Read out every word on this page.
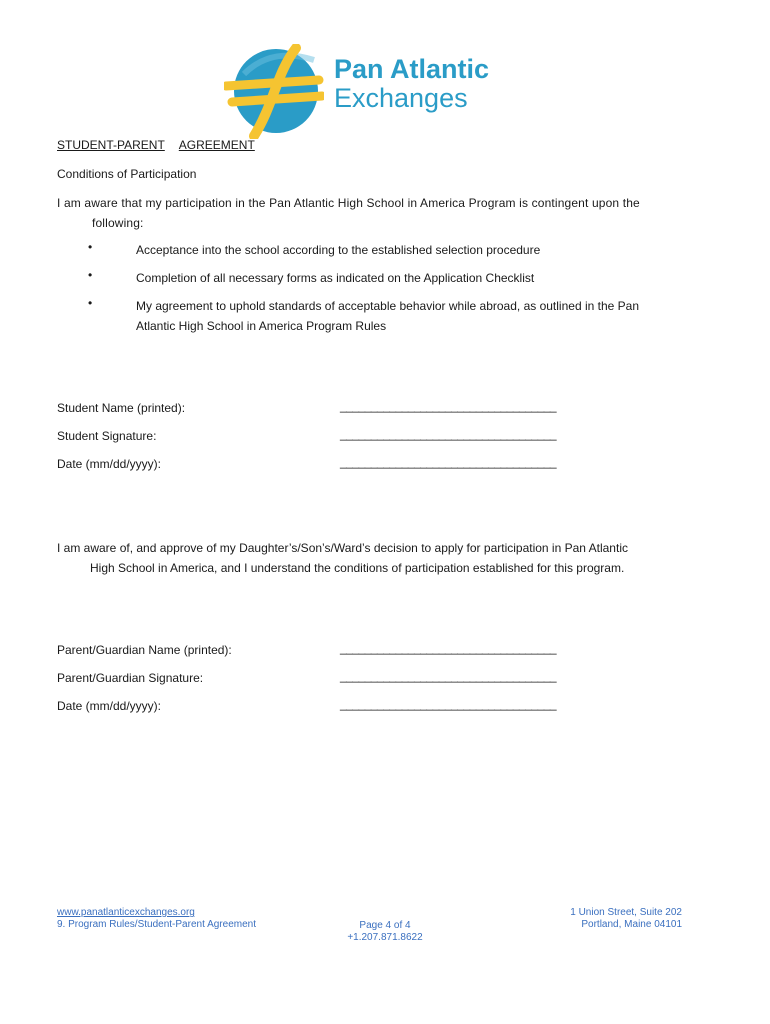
Pan Atlantic
Exchanges
STUDENT-PARENT AGREEMENT
Conditions of Participation
I am aware that my participation in the Pan Atlantic High School in America Program is contingent upon the
following:
•	Acceptance into the school according to the established selection procedure
•	Completion of all necessary forms as indicated on the Application Checklist
•	My agreement to uphold standards of acceptable behavior while abroad, as outlined in the Pan
Atlantic High School in America Program Rules
Student Name (printed):	___________________________________
Student Signature:	___________________________________
Date (mm/dd/yyyy):	___________________________________
I am aware of, and approve of my Daughter’s/Son’s/Ward’s decision to apply for participation in Pan Atlantic
High School in America, and I understand the conditions of participation established for this program.
Parent/Guardian Name (printed):	___________________________________
Parent/Guardian Signature:	___________________________________
Date (mm/dd/yyyy):	___________________________________
www.panatlanticexchanges.org
9. Program Rules/Student-Parent Agreement	Page 4 of 4
+1.207.871.8622
1 Union Street, Suite 202
Portland, Maine 04101
